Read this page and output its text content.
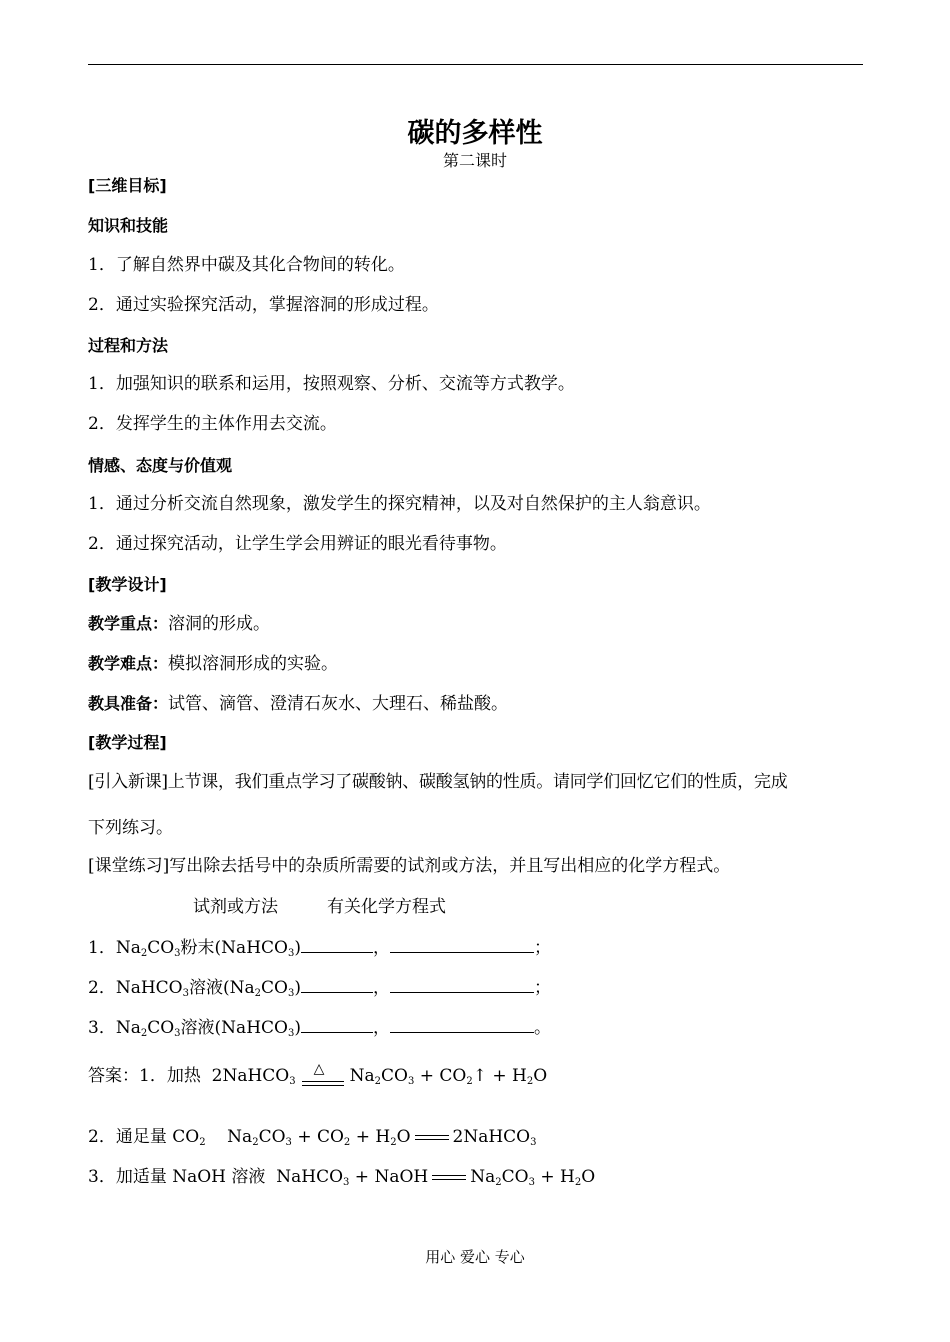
碳的多样性
第二课时
[三维目标]
知识和技能
1．了解自然界中碳及其化合物间的转化。
2．通过实验探究活动，掌握溶洞的形成过程。
过程和方法
1．加强知识的联系和运用，按照观察、分析、交流等方式教学。
2．发挥学生的主体作用去交流。
情感、态度与价值观
1．通过分析交流自然现象，激发学生的探究精神，以及对自然保护的主人翁意识。
2．通过探究活动，让学生学会用辨证的眼光看待事物。
[教学设计]
教学重点：溶洞的形成。
教学难点：模拟溶洞形成的实验。
教具准备：试管、滴管、澄清石灰水、大理石、稀盐酸。
[教学过程]
[引入新课]上节课，我们重点学习了碳酸钠、碳酸氢钠的性质。请同学们回忆它们的性质，完成
下列练习。
[课堂练习]写出除去括号中的杂质所需要的试剂或方法，并且写出相应的化学方程式。
试剂或方法	有关化学方程式
1．$Na_2CO_3$粉末(NaHCO$_3$)	，	；
2．NaHCO$_3$溶液$(Na_2CO_3)$	，	；
3．$Na_2CO_3$溶液(NaHCO$_3$)	，	。
答案：1．加热 2NaHCO$_3$
△ $Na_2CO_3$ + $CO_2↑ + H_2O$
2．通足量 $CO_2$    $Na_2CO_3 + CO_2 + H_2O$ 2NaHCO$_3$
3．加适量 NaOH 溶液  NaHCO$_3$ + NaOH $Na_2CO_3 + H_2O$
用心 爱心 专心
